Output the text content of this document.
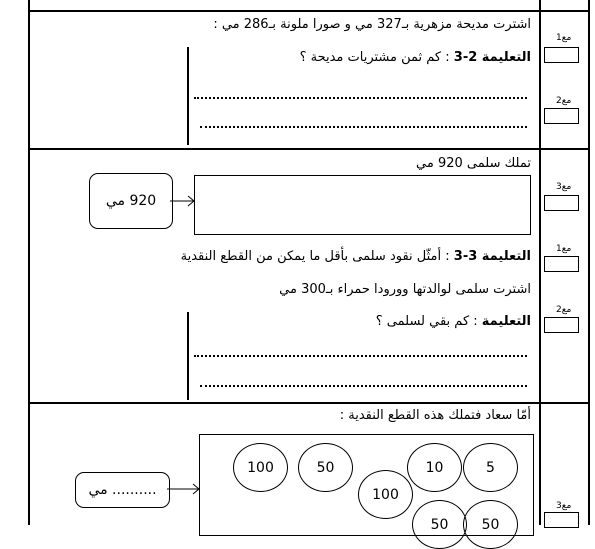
اشترت مديحة مزهرية بـ327 مي و صورا ملونة بـ286 مي :
التعليمة 2-3 : كم ثمن مشتريات مديحة ؟
مع1
مع2
تملك سلمى 920 مي
920 مي
التعليمة 3-3 : أمثّل نقود سلمى بأقل ما يمكن من القطع النقدية
اشترت سلمى لوالدتها وورودا حمراء بـ300 مي
التعليمة : كم بقي لسلمى ؟
مع3
مع1
مع2
أمّا سعاد فتملك هذه القطع النقدية :
100	50	10	5
100
50	50
.......... مي
مع3
